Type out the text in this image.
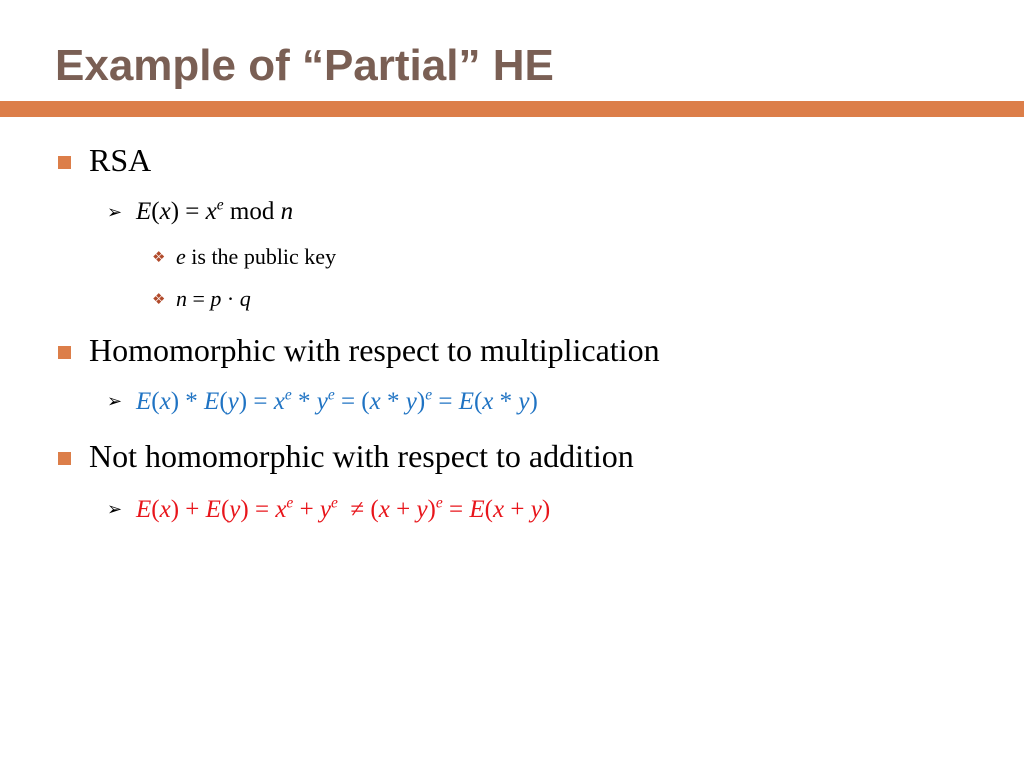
Example of “Partial” HE
RSA
➢ $E(x) = x^e$ mod n
❖ e is the public key
❖ n = p · q
Homomorphic with respect to multiplication
➢ $E(x) * E(y) = x^e * y^e = (x * y)^e = E(x * y)$
Not homomorphic with respect to addition
➢ $E(x) + E(y) = x^e + y^e \ne (x + y)^e = E(x + y)$
